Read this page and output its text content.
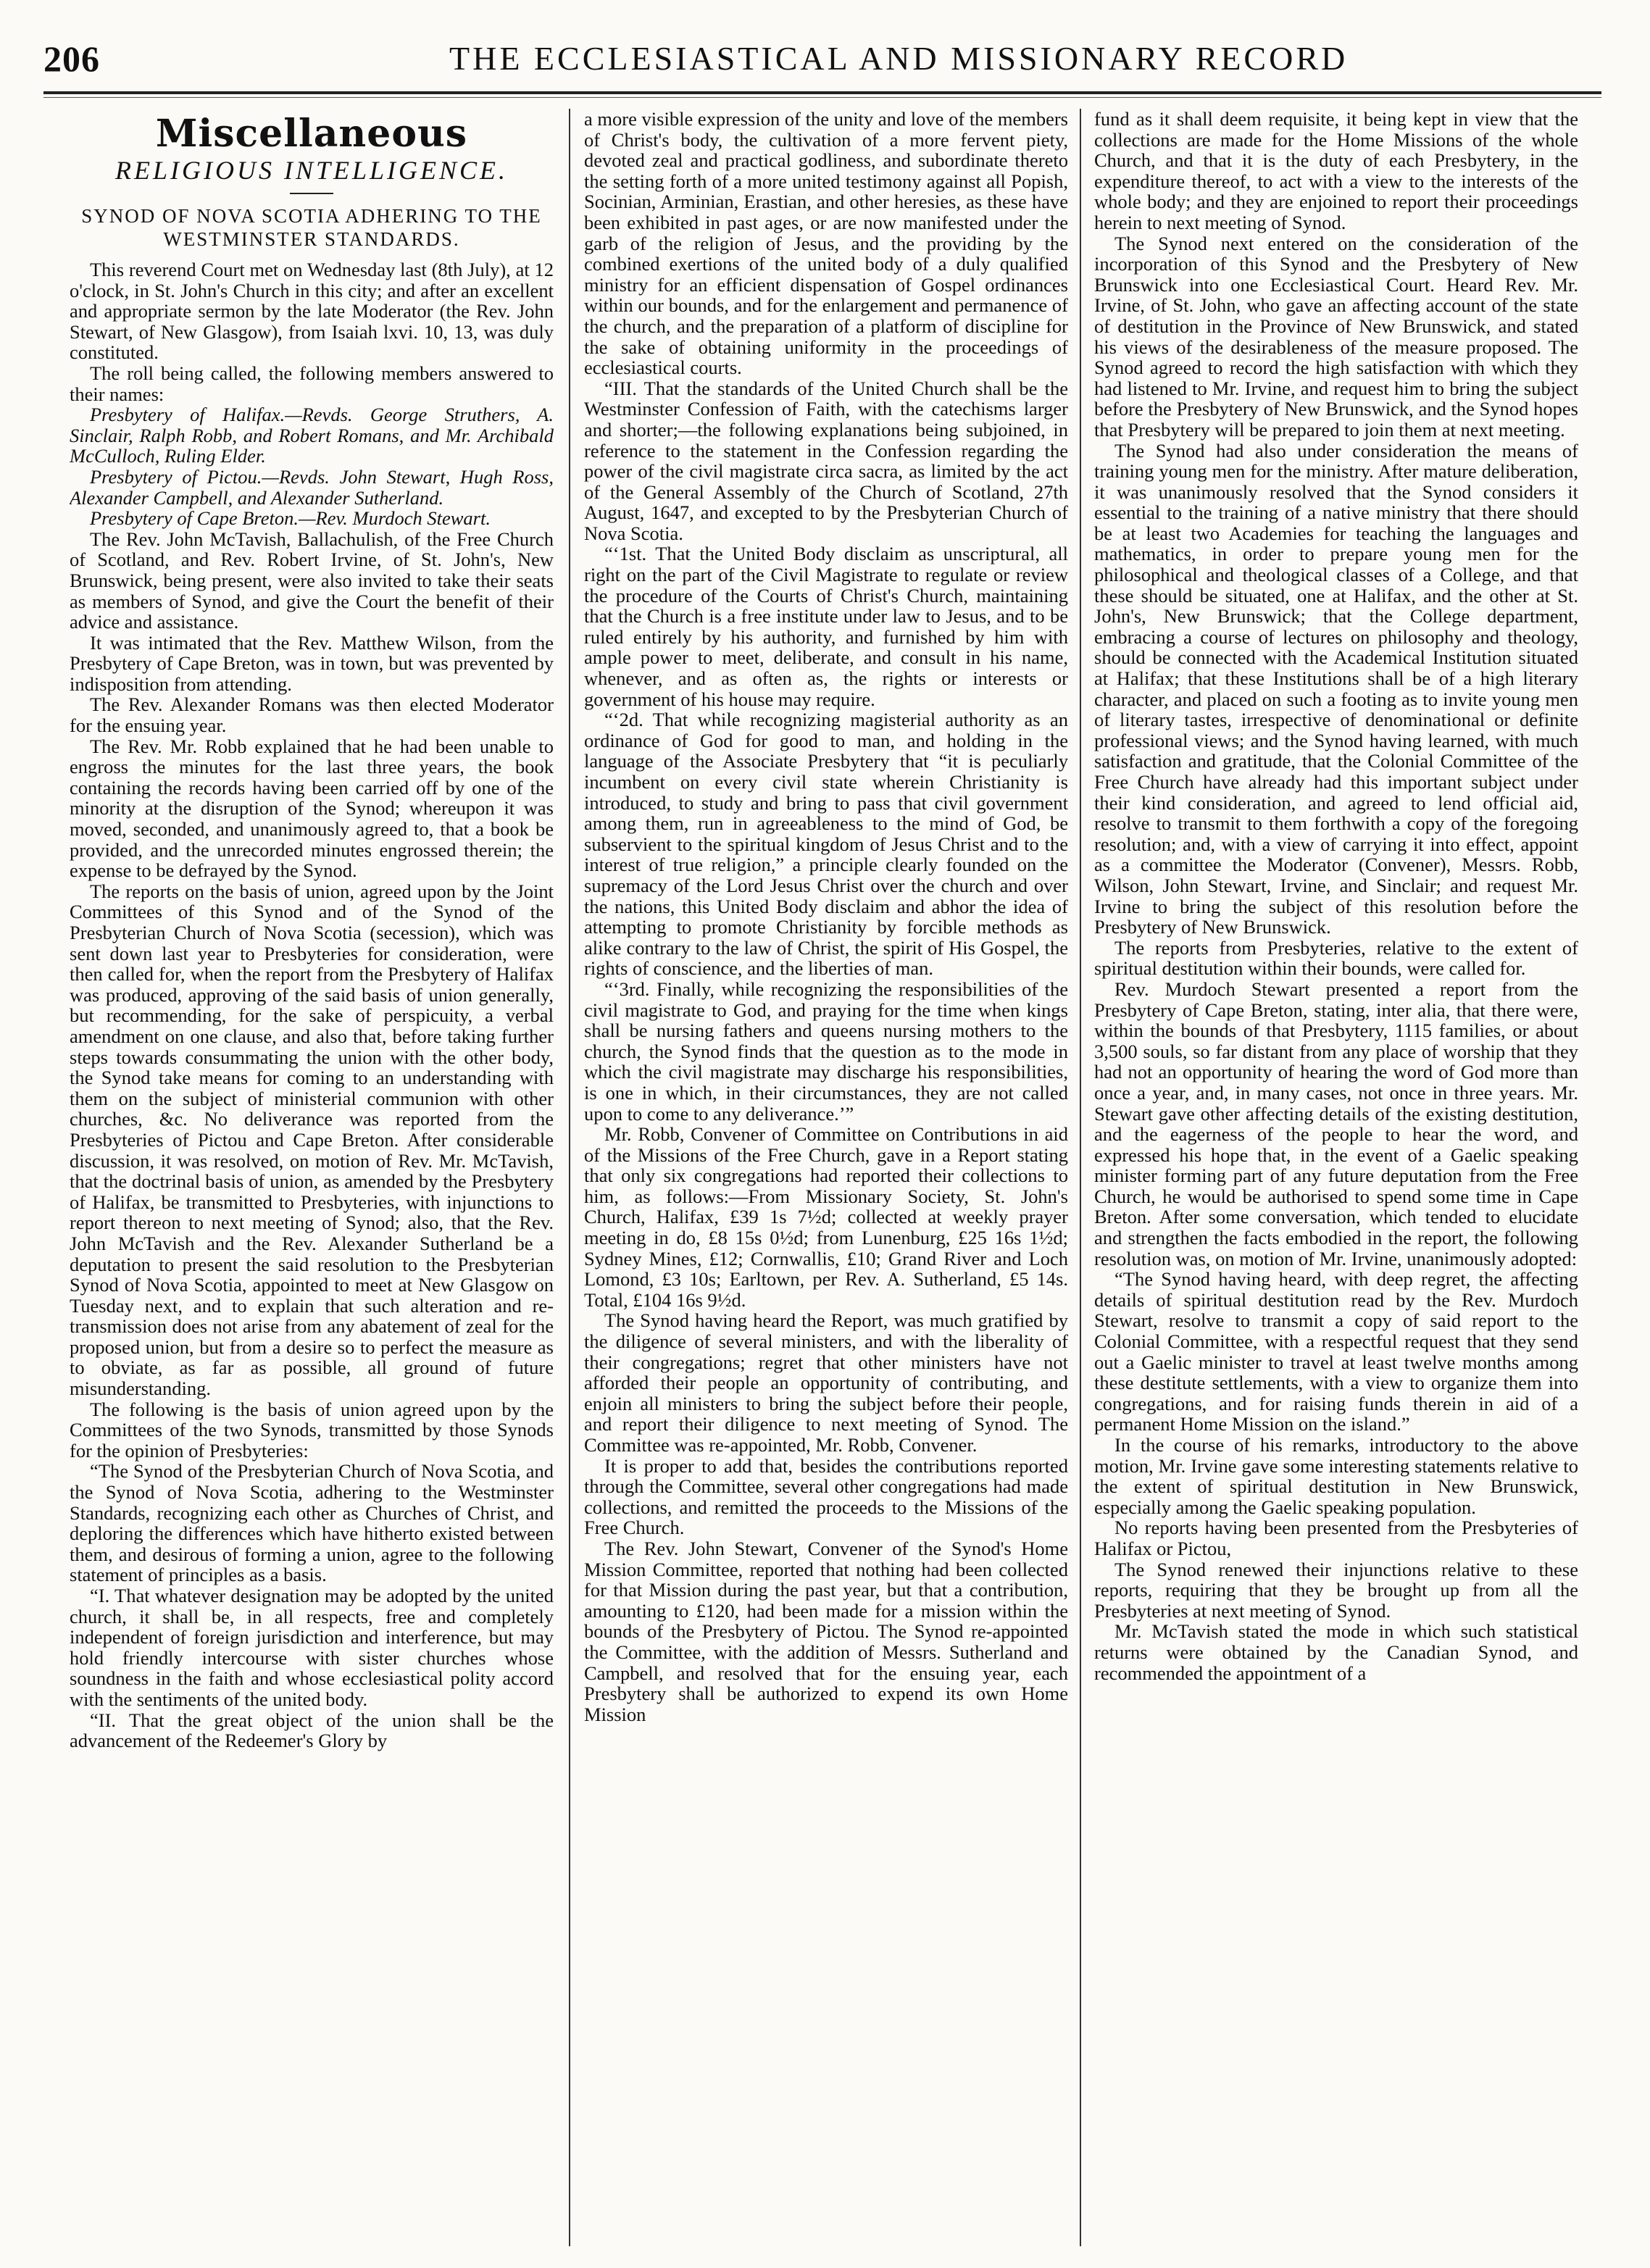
206	THE ECCLESIASTICAL AND MISSIONARY RECORD
Miscellaneous
RELIGIOUS INTELLIGENCE.
SYNOD OF NOVA SCOTIA ADHERING TO THE WESTMINSTER STANDARDS.

This reverend Court met on Wednesday last (8th July), at 12 o'clock, in St. John's Church in this city; and after an excellent and appropriate sermon by the late Moderator (the Rev. John Stewart, of New Glasgow), from Isaiah lxvi. 10, 13, was duly constituted.

The roll being called, the following members answered to their names:

Presbytery of Halifax.—Revds. George Struthers, A. Sinclair, Ralph Robb, and Robert Romans, and Mr. Archibald McCulloch, Ruling Elder.

Presbytery of Pictou.—Revds. John Stewart, Hugh Ross, Alexander Campbell, and Alexander Sutherland.

Presbytery of Cape Breton.—Rev. Murdoch Stewart.

The Rev. John McTavish, Ballachulish, of the Free Church of Scotland, and Rev. Robert Irvine, of St. John's, New Brunswick, being present, were also invited to take their seats as members of Synod, and give the Court the benefit of their advice and assistance.

It was intimated that the Rev. Matthew Wilson, from the Presbytery of Cape Breton, was in town, but was prevented by indisposition from attending.

The Rev. Alexander Romans was then elected Moderator for the ensuing year.

The Rev. Mr. Robb explained that he had been unable to engross the minutes for the last three years, the book containing the records having been carried off by one of the minority at the disruption of the Synod; whereupon it was moved, seconded, and unanimously agreed to, that a book be provided, and the unrecorded minutes engrossed therein; the expense to be defrayed by the Synod.

The reports on the basis of union, agreed upon by the Joint Committees of this Synod and of the Synod of the Presbyterian Church of Nova Scotia (secession), which was sent down last year to Presbyteries for consideration, were then called for, when the report from the Presbytery of Halifax was produced, approving of the said basis of union generally, but recommending, for the sake of perspicuity, a verbal amendment on one clause, and also that, before taking further steps towards consummating the union with the other body, the Synod take means for coming to an understanding with them on the subject of ministerial communion with other churches, &c. No deliverance was reported from the Presbyteries of Pictou and Cape Breton. After considerable discussion, it was resolved, on motion of Rev. Mr. McTavish, that the doctrinal basis of union, as amended by the Presbytery of Halifax, be transmitted to Presbyteries, with injunctions to report thereon to next meeting of Synod; also, that the Rev. John McTavish and the Rev. Alexander Sutherland be a deputation to present the said resolution to the Presbyterian Synod of Nova Scotia, appointed to meet at New Glasgow on Tuesday next, and to explain that such alteration and re-transmission does not arise from any abatement of zeal for the proposed union, but from a desire so to perfect the measure as to obviate, as far as possible, all ground of future misunderstanding.

The following is the basis of union agreed upon by the Committees of the two Synods, transmitted by those Synods for the opinion of Presbyteries:

“The Synod of the Presbyterian Church of Nova Scotia, and the Synod of Nova Scotia, adhering to the Westminster Standards, recognizing each other as Churches of Christ, and deploring the differences which have hitherto existed between them, and desirous of forming a union, agree to the following statement of principles as a basis.

“I. That whatever designation may be adopted by the united church, it shall be, in all respects, free and completely independent of foreign jurisdiction and interference, but may hold friendly intercourse with sister churches whose soundness in the faith and whose ecclesiastical polity accord with the sentiments of the united body.

“II. That the great object of the union shall be the advancement of the Redeemer's Glory by

a more visible expression of the unity and love of the members of Christ's body, the cultivation of a more fervent piety, devoted zeal and practical godliness, and subordinate thereto the setting forth of a more united testimony against all Popish, Socinian, Arminian, Erastian, and other heresies, as these have been exhibited in past ages, or are now manifested under the garb of the religion of Jesus, and the providing by the combined exertions of the united body of a duly qualified ministry for an efficient dispensation of Gospel ordinances within our bounds, and for the enlargement and permanence of the church, and the preparation of a platform of discipline for the sake of obtaining uniformity in the proceedings of ecclesiastical courts.

“III. That the standards of the United Church shall be the Westminster Confession of Faith, with the catechisms larger and shorter;—the following explanations being subjoined, in reference to the statement in the Confession regarding the power of the civil magistrate circa sacra, as limited by the act of the General Assembly of the Church of Scotland, 27th August, 1647, and excepted to by the Presbyterian Church of Nova Scotia.

“‘1st. That the United Body disclaim as unscriptural, all right on the part of the Civil Magistrate to regulate or review the procedure of the Courts of Christ's Church, maintaining that the Church is a free institute under law to Jesus, and to be ruled entirely by his authority, and furnished by him with ample power to meet, deliberate, and consult in his name, whenever, and as often as, the rights or interests or government of his house may require.

“‘2d. That while recognizing magisterial authority as an ordinance of God for good to man, and holding in the language of the Associate Presbytery that “it is peculiarly incumbent on every civil state wherein Christianity is introduced, to study and bring to pass that civil government among them, run in agreeableness to the mind of God, be subservient to the spiritual kingdom of Jesus Christ and to the interest of true religion,” a principle clearly founded on the supremacy of the Lord Jesus Christ over the church and over the nations, this United Body disclaim and abhor the idea of attempting to promote Christianity by forcible methods as alike contrary to the law of Christ, the spirit of His Gospel, the rights of conscience, and the liberties of man.

“‘3rd. Finally, while recognizing the responsibilities of the civil magistrate to God, and praying for the time when kings shall be nursing fathers and queens nursing mothers to the church, the Synod finds that the question as to the mode in which the civil magistrate may discharge his responsibilities, is one in which, in their circumstances, they are not called upon to come to any deliverance.’”

Mr. Robb, Convener of Committee on Contributions in aid of the Missions of the Free Church, gave in a Report stating that only six congregations had reported their collections to him, as follows:—From Missionary Society, St. John's Church, Halifax, £39 1s 7½d; collected at weekly prayer meeting in do, £8 15s 0½d; from Lunenburg, £25 16s 1½d; Sydney Mines, £12; Cornwallis, £10; Grand River and Loch Lomond, £3 10s; Earltown, per Rev. A. Sutherland, £5 14s. Total, £104 16s 9½d.

The Synod having heard the Report, was much gratified by the diligence of several ministers, and with the liberality of their congregations; regret that other ministers have not afforded their people an opportunity of contributing, and enjoin all ministers to bring the subject before their people, and report their diligence to next meeting of Synod. The Committee was re-appointed, Mr. Robb, Convener.

It is proper to add that, besides the contributions reported through the Committee, several other congregations had made collections, and remitted the proceeds to the Missions of the Free Church.

The Rev. John Stewart, Convener of the Synod's Home Mission Committee, reported that nothing had been collected for that Mission during the past year, but that a contribution, amounting to £120, had been made for a mission within the bounds of the Presbytery of Pictou. The Synod re-appointed the Committee, with the addition of Messrs. Sutherland and Campbell, and resolved that for the ensuing year, each Presbytery shall be authorized to expend its own Home Mission

fund as it shall deem requisite, it being kept in view that the collections are made for the Home Missions of the whole Church, and that it is the duty of each Presbytery, in the expenditure thereof, to act with a view to the interests of the whole body; and they are enjoined to report their proceedings herein to next meeting of Synod.

The Synod next entered on the consideration of the incorporation of this Synod and the Presbytery of New Brunswick into one Ecclesiastical Court. Heard Rev. Mr. Irvine, of St. John, who gave an affecting account of the state of destitution in the Province of New Brunswick, and stated his views of the desirableness of the measure proposed. The Synod agreed to record the high satisfaction with which they had listened to Mr. Irvine, and request him to bring the subject before the Presbytery of New Brunswick, and the Synod hopes that Presbytery will be prepared to join them at next meeting.

The Synod had also under consideration the means of training young men for the ministry. After mature deliberation, it was unanimously resolved that the Synod considers it essential to the training of a native ministry that there should be at least two Academies for teaching the languages and mathematics, in order to prepare young men for the philosophical and theological classes of a College, and that these should be situated, one at Halifax, and the other at St. John's, New Brunswick; that the College department, embracing a course of lectures on philosophy and theology, should be connected with the Academical Institution situated at Halifax; that these Institutions shall be of a high literary character, and placed on such a footing as to invite young men of literary tastes, irrespective of denominational or definite professional views; and the Synod having learned, with much satisfaction and gratitude, that the Colonial Committee of the Free Church have already had this important subject under their kind consideration, and agreed to lend official aid, resolve to transmit to them forthwith a copy of the foregoing resolution; and, with a view of carrying it into effect, appoint as a committee the Moderator (Convener), Messrs. Robb, Wilson, John Stewart, Irvine, and Sinclair; and request Mr. Irvine to bring the subject of this resolution before the Presbytery of New Brunswick.

The reports from Presbyteries, relative to the extent of spiritual destitution within their bounds, were called for.

Rev. Murdoch Stewart presented a report from the Presbytery of Cape Breton, stating, inter alia, that there were, within the bounds of that Presbytery, 1115 families, or about 3,500 souls, so far distant from any place of worship that they had not an opportunity of hearing the word of God more than once a year, and, in many cases, not once in three years. Mr. Stewart gave other affecting details of the existing destitution, and the eagerness of the people to hear the word, and expressed his hope that, in the event of a Gaelic speaking minister forming part of any future deputation from the Free Church, he would be authorised to spend some time in Cape Breton. After some conversation, which tended to elucidate and strengthen the facts embodied in the report, the following resolution was, on motion of Mr. Irvine, unanimously adopted:

“The Synod having heard, with deep regret, the affecting details of spiritual destitution read by the Rev. Murdoch Stewart, resolve to transmit a copy of said report to the Colonial Committee, with a respectful request that they send out a Gaelic minister to travel at least twelve months among these destitute settlements, with a view to organize them into congregations, and for raising funds therein in aid of a permanent Home Mission on the island.”

In the course of his remarks, introductory to the above motion, Mr. Irvine gave some interesting statements relative to the extent of spiritual destitution in New Brunswick, especially among the Gaelic speaking population.

No reports having been presented from the Presbyteries of Halifax or Pictou,

The Synod renewed their injunctions relative to these reports, requiring that they be brought up from all the Presbyteries at next meeting of Synod.

Mr. McTavish stated the mode in which such statistical returns were obtained by the Canadian Synod, and recommended the appointment of a
